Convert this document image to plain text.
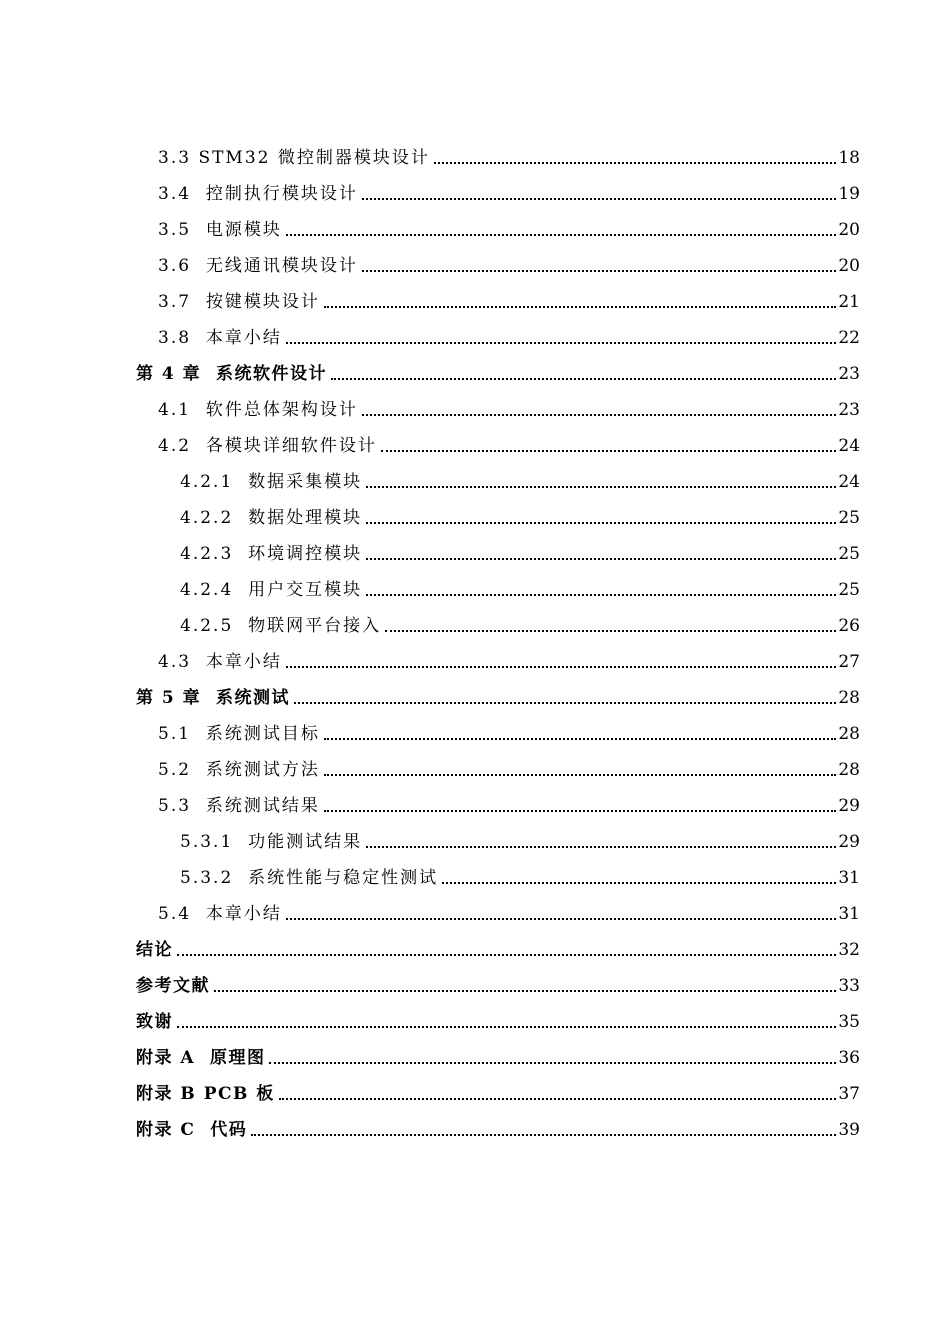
3.3 STM32 微控制器模块设计	18
3.4  控制执行模块设计	19
3.5  电源模块	20
3.6  无线通讯模块设计	20
3.7  按键模块设计	21
3.8  本章小结	22
第 4 章  系统软件设计	23
4.1  软件总体架构设计	23
4.2  各模块详细软件设计	24
4.2.1  数据采集模块	24
4.2.2  数据处理模块	25
4.2.3  环境调控模块	25
4.2.4  用户交互模块	25
4.2.5  物联网平台接入	26
4.3  本章小结	27
第 5 章  系统测试	28
5.1  系统测试目标	28
5.2  系统测试方法	28
5.3  系统测试结果	29
5.3.1  功能测试结果	29
5.3.2  系统性能与稳定性测试	31
5.4  本章小结	31
结论	32
参考文献	33
致谢	35
附录 A  原理图	36
附录 B PCB 板	37
附录 C  代码	39
